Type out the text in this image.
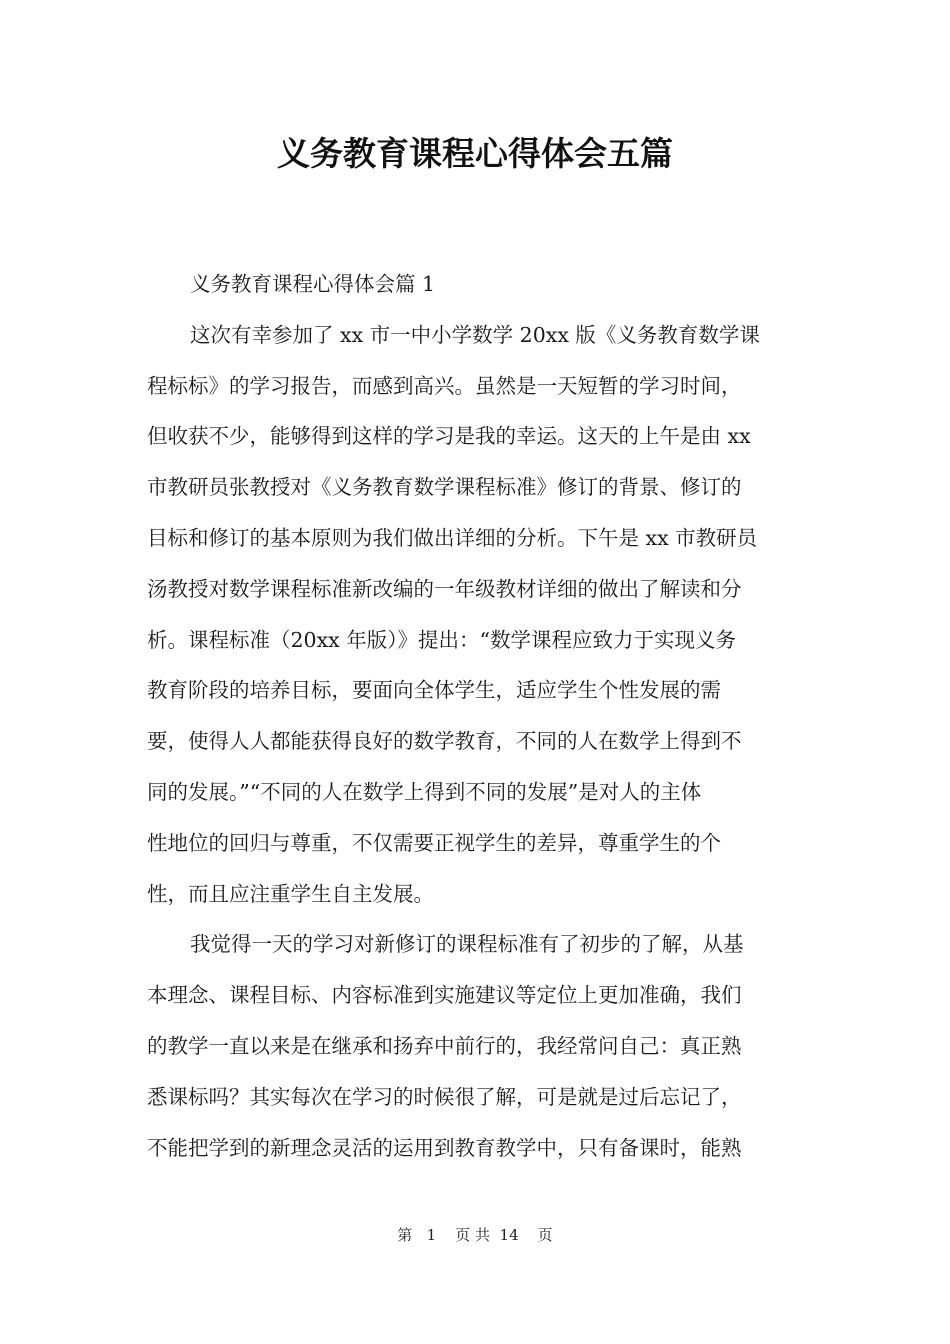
义务教育课程心得体会五篇
义务教育课程心得体会篇 1
这次有幸参加了 xx 市一中小学数学 20xx 版《义务教育数学课
程标标》的学习报告，而感到高兴。虽然是一天短暂的学习时间，
但收获不少，能够得到这样的学习是我的幸运。这天的上午是由 xx
市教研员张教授对《义务教育数学课程标准》修订的背景、修订的
目标和修订的基本原则为我们做出详细的分析。下午是 xx 市教研员
汤教授对数学课程标准新改编的一年级教材详细的做出了解读和分
析。课程标准（20xx 年版）》提出：“数学课程应致力于实现义务
教育阶段的培养目标，要面向全体学生，适应学生个性发展的需
要，使得人人都能获得良好的数学教育，不同的人在数学上得到不
同的发展。”“不同的人在数学上得到不同的发展”是对人的主体
性地位的回归与尊重，不仅需要正视学生的差异，尊重学生的个
性，而且应注重学生自主发展。
我觉得一天的学习对新修订的课程标准有了初步的了解，从基
本理念、课程目标、内容标准到实施建议等定位上更加准确，我们
的教学一直以来是在继承和扬弃中前行的，我经常问自己：真正熟
悉课标吗？其实每次在学习的时候很了解，可是就是过后忘记了，
不能把学到的新理念灵活的运用到教育教学中，只有备课时，能熟
第   1    页 共  14    页
